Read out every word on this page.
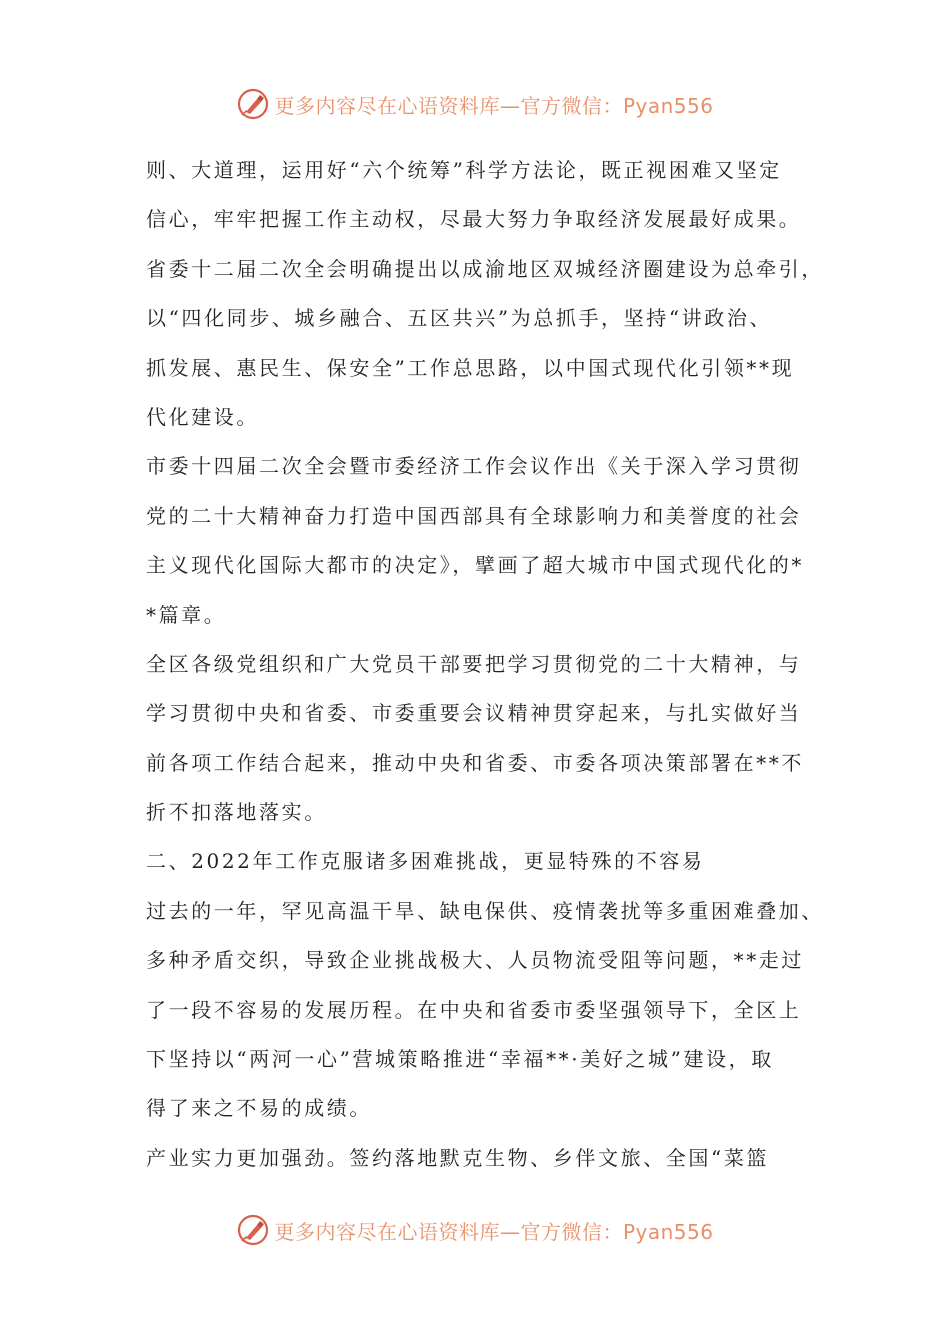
更多内容尽在心语资料库—官方微信：Pyan556
则、大道理，运用好“六个统筹”科学方法论，既正视困难又坚定
信心，牢牢把握工作主动权，尽最大努力争取经济发展最好成果。
省委十二届二次全会明确提出以成渝地区双城经济圈建设为总牵引，
以“四化同步、城乡融合、五区共兴”为总抓手，坚持“讲政治、
抓发展、惠民生、保安全”工作总思路，以中国式现代化引领**现
代化建设。
市委十四届二次全会暨市委经济工作会议作出《关于深入学习贯彻
党的二十大精神奋力打造中国西部具有全球影响力和美誉度的社会
主义现代化国际大都市的决定》，擘画了超大城市中国式现代化的*
*篇章。
全区各级党组织和广大党员干部要把学习贯彻党的二十大精神，与
学习贯彻中央和省委、市委重要会议精神贯穿起来，与扎实做好当
前各项工作结合起来，推动中央和省委、市委各项决策部署在**不
折不扣落地落实。
二、2022年工作克服诸多困难挑战，更显特殊的不容易
过去的一年，罕见高温干旱、缺电保供、疫情袭扰等多重困难叠加、
多种矛盾交织，导致企业挑战极大、人员物流受阻等问题，**走过
了一段不容易的发展历程。在中央和省委市委坚强领导下，全区上
下坚持以“两河一心”营城策略推进“幸福**·美好之城”建设，取
得了来之不易的成绩。
产业实力更加强劲。签约落地默克生物、乡伴文旅、全国“菜篮
更多内容尽在心语资料库—官方微信：Pyan556
